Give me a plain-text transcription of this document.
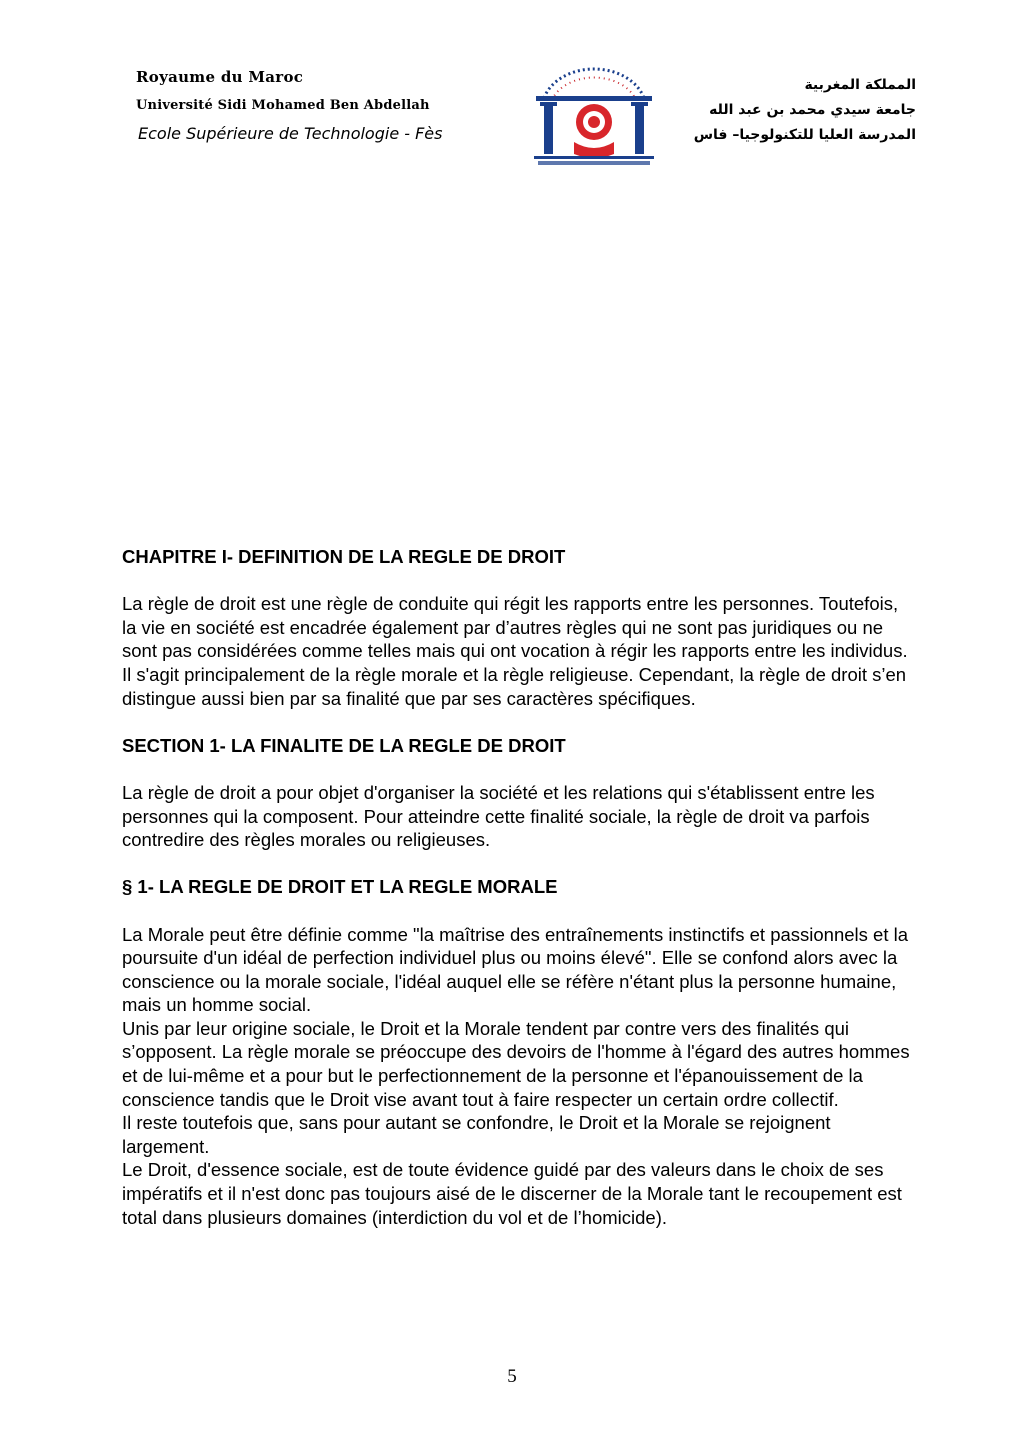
Royaume du Maroc
Université Sidi Mohamed Ben Abdellah
Ecole Supérieure de Technologie - Fès
المملكة المغربية
جامعة سيدي محمد بن عبد الله
المدرسة العليا للتكنولوجيا– فاس
CHAPITRE I- DEFINITION DE LA REGLE DE DROIT

La règle de droit est une règle de conduite qui régit les rapports entre les personnes. Toutefois, la vie en société est encadrée également par d’autres règles qui ne sont pas juridiques ou ne sont pas considérées comme telles mais qui ont vocation à régir les rapports entre les individus. Il s'agit principalement de la règle morale et la règle religieuse. Cependant, la règle de droit s’en distingue aussi bien par sa finalité que par ses caractères spécifiques.

SECTION 1- LA FINALITE DE LA REGLE DE DROIT

La règle de droit a pour objet d'organiser la société et les relations qui s'établissent entre les personnes qui la composent. Pour atteindre cette finalité sociale, la règle de droit va parfois contredire des règles morales ou religieuses.

§ 1- LA REGLE DE DROIT ET LA REGLE MORALE

La Morale peut être définie comme "la maîtrise des entraînements instinctifs et passionnels et la poursuite d'un idéal de perfection individuel plus ou moins élevé". Elle se confond alors avec la conscience ou la morale sociale, l'idéal auquel elle se réfère n'étant plus la personne humaine, mais un homme social.

Unis par leur origine sociale, le Droit et la Morale tendent par contre vers des finalités qui s’opposent. La règle morale se préoccupe des devoirs de l'homme à l'égard des autres hommes et de lui-même et a pour but le perfectionnement de la personne et l'épanouissement de la conscience tandis que le Droit vise avant tout à faire respecter un certain ordre collectif.

Il reste toutefois que, sans pour autant se confondre, le Droit et la Morale se rejoignent largement.

Le Droit, d'essence sociale, est de toute évidence guidé par des valeurs dans le choix de ses impératifs et il n'est donc pas toujours aisé de le discerner de la Morale tant le recoupement est total dans plusieurs domaines (interdiction du vol et de l’homicide).

5
